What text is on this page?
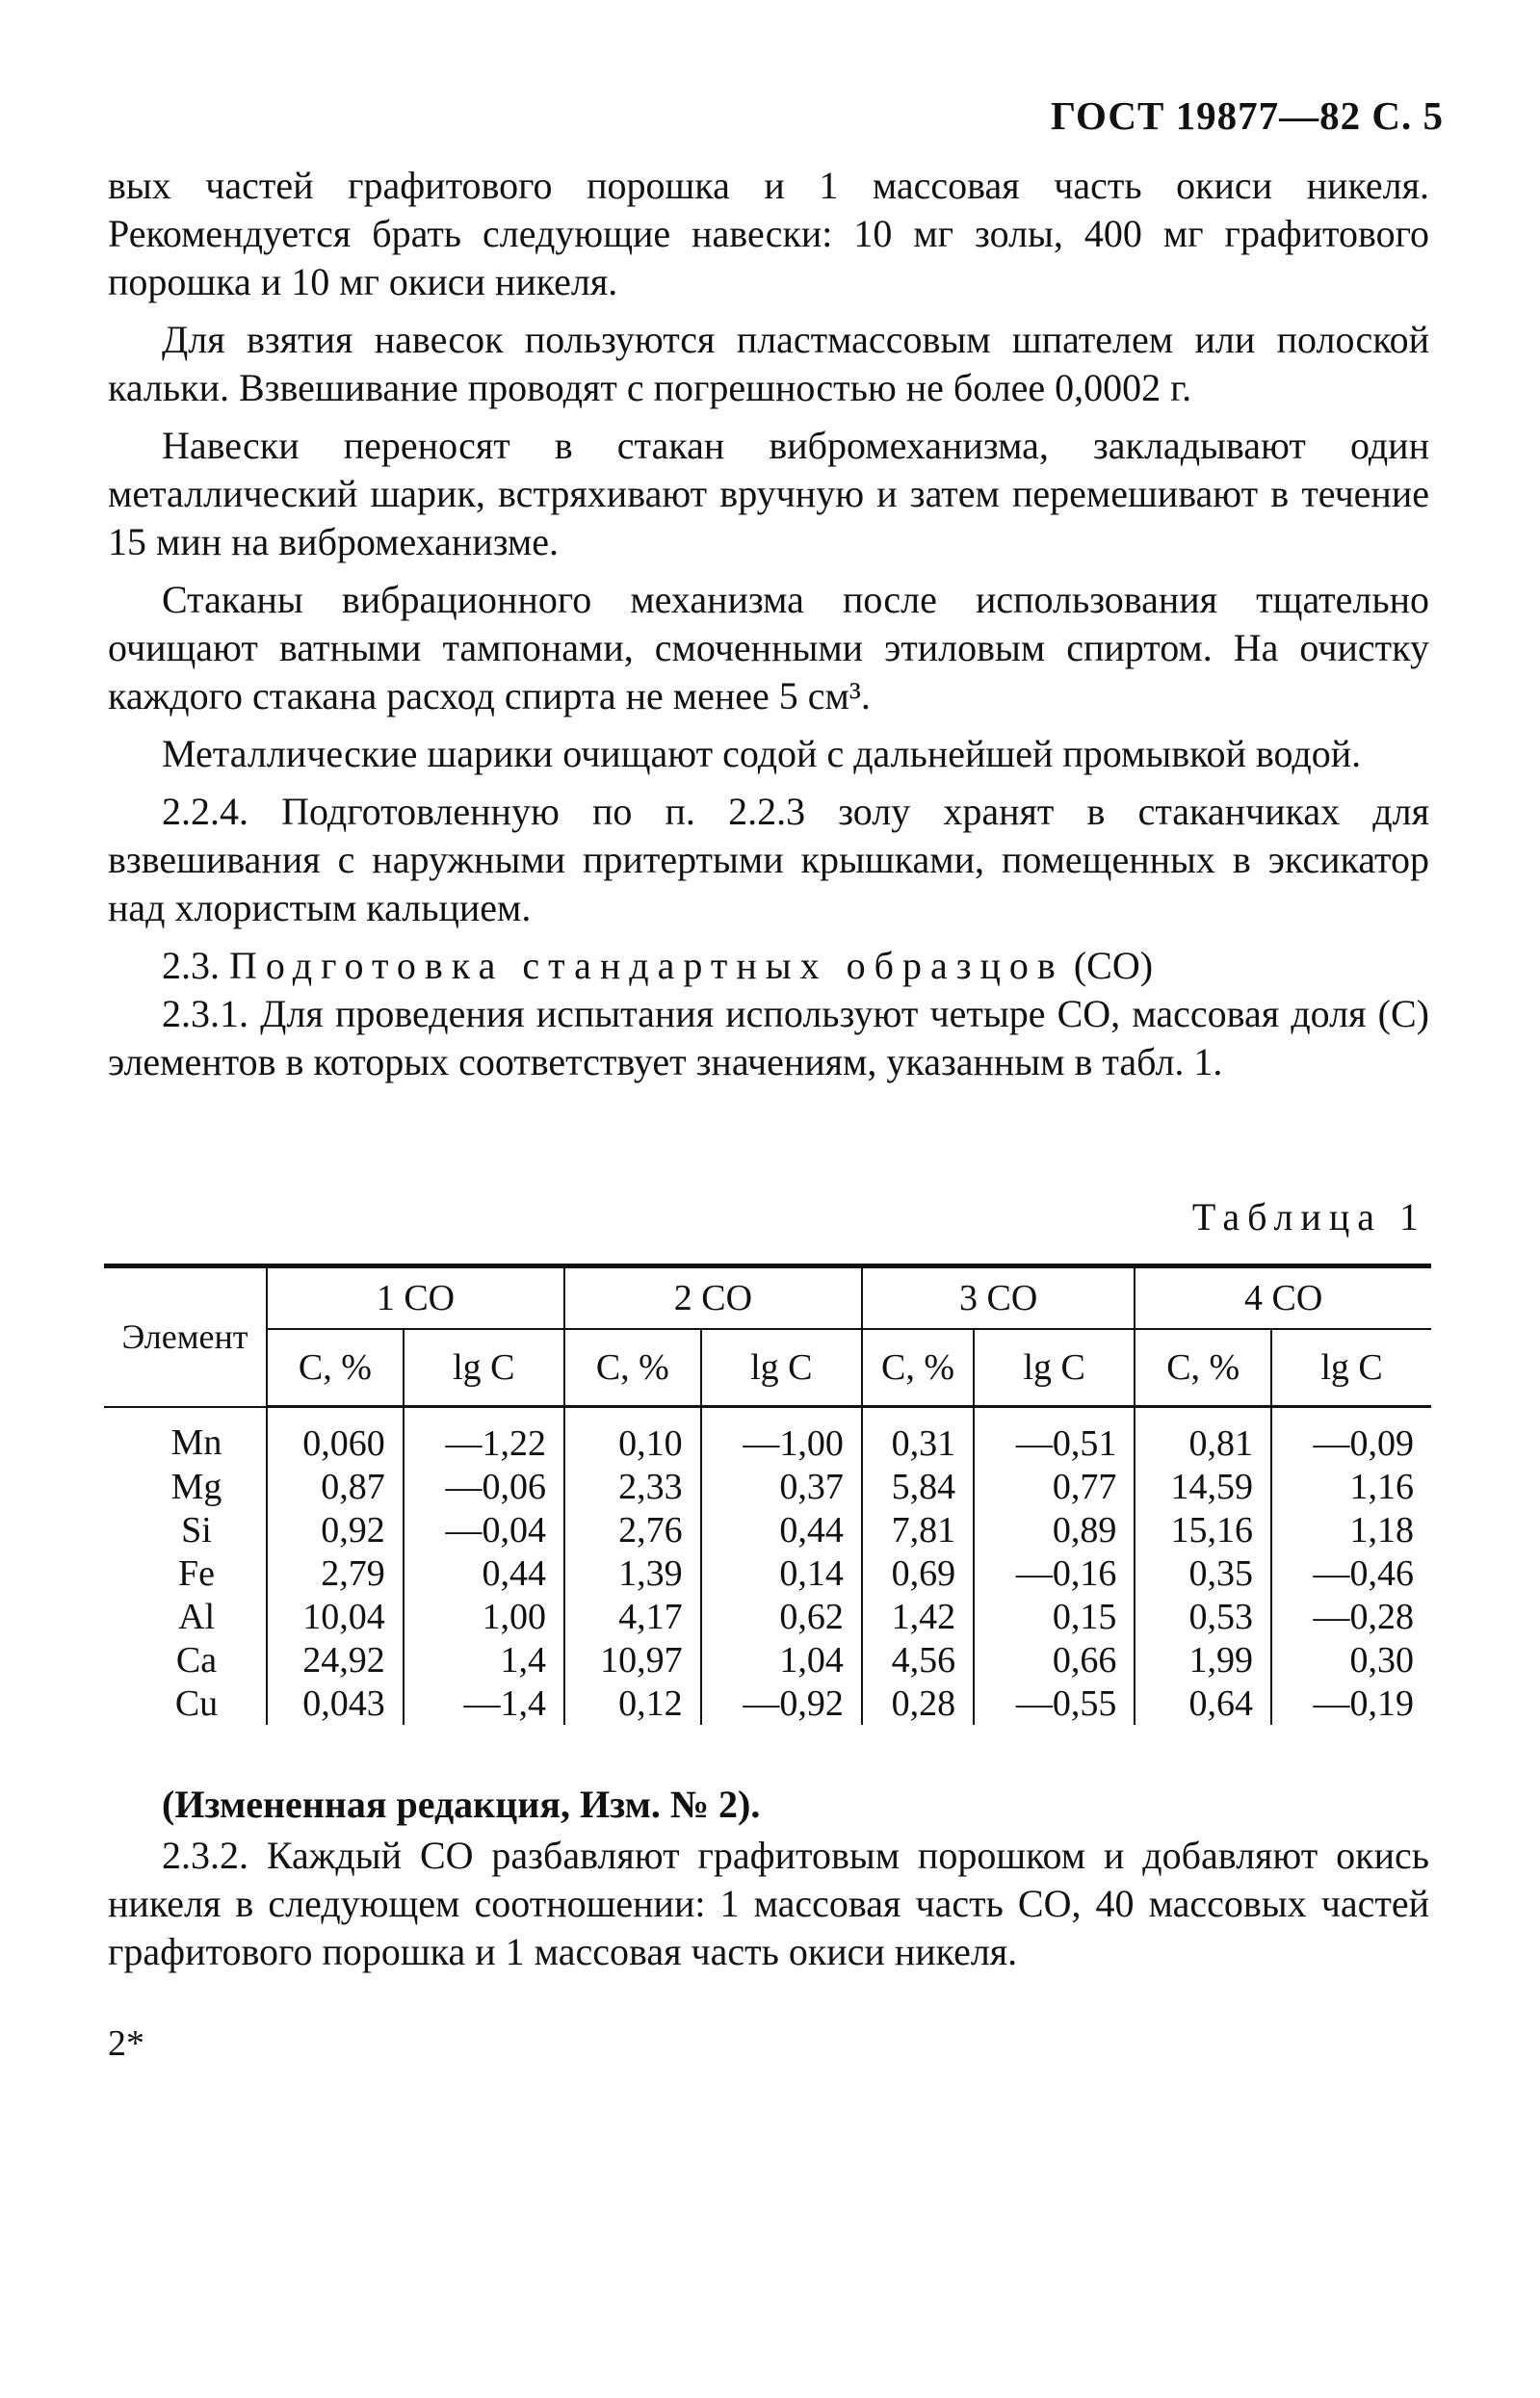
ГОСТ 19877—82 С. 5

вых частей графитового порошка и 1 массовая часть окиси никеля. Рекомендуется брать следующие навески: 10 мг золы, 400 мг графитового порошка и 10 мг окиси никеля.

Для взятия навесок пользуются пластмассовым шпателем или полоской кальки. Взвешивание проводят с погрешностью не более 0,0002 г.

Навески переносят в стакан вибромеханизма, закладывают один металлический шарик, встряхивают вручную и затем перемешивают в течение 15 мин на вибромеханизме.

Стаканы вибрационного механизма после использования тщательно очищают ватными тампонами, смоченными этиловым спиртом. На очистку каждого стакана расход спирта не менее 5 см³.

Металлические шарики очищают содой с дальнейшей промывкой водой.

2.2.4. Подготовленную по п. 2.2.3 золу хранят в стаканчиках для взвешивания с наружными притертыми крышками, помещенных в эксикатор над хлористым кальцием.

2.3. Подготовка стандартных образцов (СО)

2.3.1. Для проведения испытания используют четыре СО, массовая доля (С) элементов в которых соответствует значениям, указанным в табл. 1.

Таблица 1
Элемент	1 СО		2 СО		3 СО		4 СО	
	С, %	lg C	С, %	lg C	С, %	lg C	С, %	lg C
Mn	0,060	—1,22	0,10	—1,00	0,31	—0,51	0,81	—0,09
Mg	0,87	—0,06	2,33	0,37	5,84	0,77	14,59	1,16
Si	0,92	—0,04	2,76	0,44	7,81	0,89	15,16	1,18
Fe	2,79	0,44	1,39	0,14	0,69	—0,16	0,35	—0,46
Al	10,04	1,00	4,17	0,62	1,42	0,15	0,53	—0,28
Ca	24,92	1,4	10,97	1,04	4,56	0,66	1,99	0,30
Cu	0,043	—1,4	0,12	—0,92	0,28	—0,55	0,64	—0,19
(Измененная редакция, Изм. № 2).

2.3.2. Каждый СО разбавляют графитовым порошком и добавляют окись никеля в следующем соотношении: 1 массовая часть СО, 40 массовых частей графитового порошка и 1 массовая часть окиси никеля.

2*
